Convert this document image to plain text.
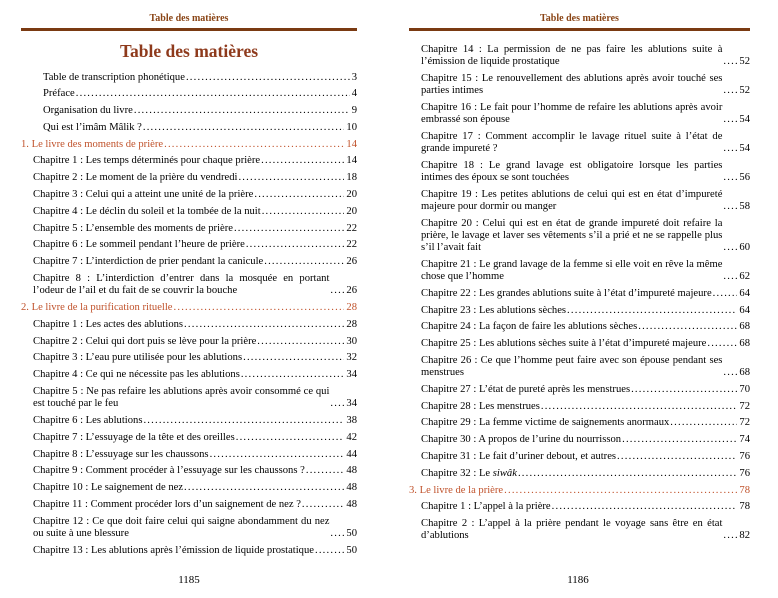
Table des matières
Table des matières
Table de transcription phonétique .....	3
Préface .....	4
Organisation du livre .....	9
Qui est l’imâm Mâlik ? .....	10
1. Le livre des moments de prière .....	14
Chapitre 1 : Les temps déterminés pour chaque prière .....	14
Chapitre 2 : Le moment de la prière du vendredi .....	18
Chapitre 3 : Celui qui a atteint une unité de la prière .....	20
Chapitre 4 : Le déclin du soleil et la tombée de la nuit .....	20
Chapitre 5 : L’ensemble des moments de prière .....	22
Chapitre 6 : Le sommeil pendant l’heure de prière .....	22
Chapitre 7 : L’interdiction de prier pendant la canicule .....	26
Chapitre 8 : L’interdiction d’entrer dans la mosquée en portant l’odeur de l’ail et du fait de se couvrir la bouche .....	26
2. Le livre de la purification rituelle .....	28
Chapitre 1 : Les actes des ablutions .....	28
Chapitre 2 : Celui qui dort puis se lève pour la prière .....	30
Chapitre 3 : L’eau pure utilisée pour les ablutions .....	32
Chapitre 4 : Ce qui ne nécessite pas les ablutions .....	34
Chapitre 5 : Ne pas refaire les ablutions après avoir consommé ce qui est touché par le feu .....	34
Chapitre 6 : Les ablutions .....	38
Chapitre 7 : L’essuyage de la tête et des oreilles .....	42
Chapitre 8 : L’essuyage sur les chaussons .....	44
Chapitre 9 : Comment procéder à l’essuyage sur les chaussons ? .....	48
Chapitre 10 : Le saignement de nez .....	48
Chapitre 11 : Comment procéder lors d’un saignement de nez ? .....	48
Chapitre 12 : Ce que doit faire celui qui saigne abondamment du nez ou suite à une blessure .....	50
Chapitre 13 : Les ablutions après l’émission de liquide prostatique .....	50
1185
Table des matières
Chapitre 14 : La permission de ne pas faire les ablutions suite à l’émission de liquide prostatique .....	52
Chapitre 15 : Le renouvellement des ablutions après avoir touché ses parties intimes .....	52
Chapitre 16 : Le fait pour l’homme de refaire les ablutions après avoir embrassé son épouse .....	54
Chapitre 17 : Comment accomplir le lavage rituel suite à l’état de grande impureté ? .....	54
Chapitre 18 : Le grand lavage est obligatoire lorsque les parties intimes des époux se sont touchées .....	56
Chapitre 19 : Les petites ablutions de celui qui est en état d’impureté majeure pour dormir ou manger .....	58
Chapitre 20 : Celui qui est en état de grande impureté doit refaire la prière, le lavage et laver ses vêtements s’il a prié et ne se rappelle plus s’il l’avait fait .....	60
Chapitre 21 : Le grand lavage de la femme si elle voit en rêve la même chose que l’homme .....	62
Chapitre 22 : Les grandes ablutions suite à l’état d’impureté majeure .....	64
Chapitre 23 : Les ablutions sèches .....	64
Chapitre 24 : La façon de faire les ablutions sèches .....	68
Chapitre 25 : Les ablutions sèches suite à l’état d’impureté majeure .....	68
Chapitre 26 : Ce que l’homme peut faire avec son épouse pendant ses menstrues .....	68
Chapitre 27 : L’état de pureté après les menstrues .....	70
Chapitre 28 : Les menstrues .....	72
Chapitre 29 : La femme victime de saignements anormaux .....	72
Chapitre 30 : A propos de l’urine du nourrisson .....	74
Chapitre 31 : Le fait d’uriner debout, et autres .....	76
Chapitre 32 : Le siwâk .....	76
3. Le livre de la prière .....	78
Chapitre 1 : L’appel à la prière .....	78
Chapitre 2 : L’appel à la prière pendant le voyage sans être en état d’ablutions .....	82
1186
